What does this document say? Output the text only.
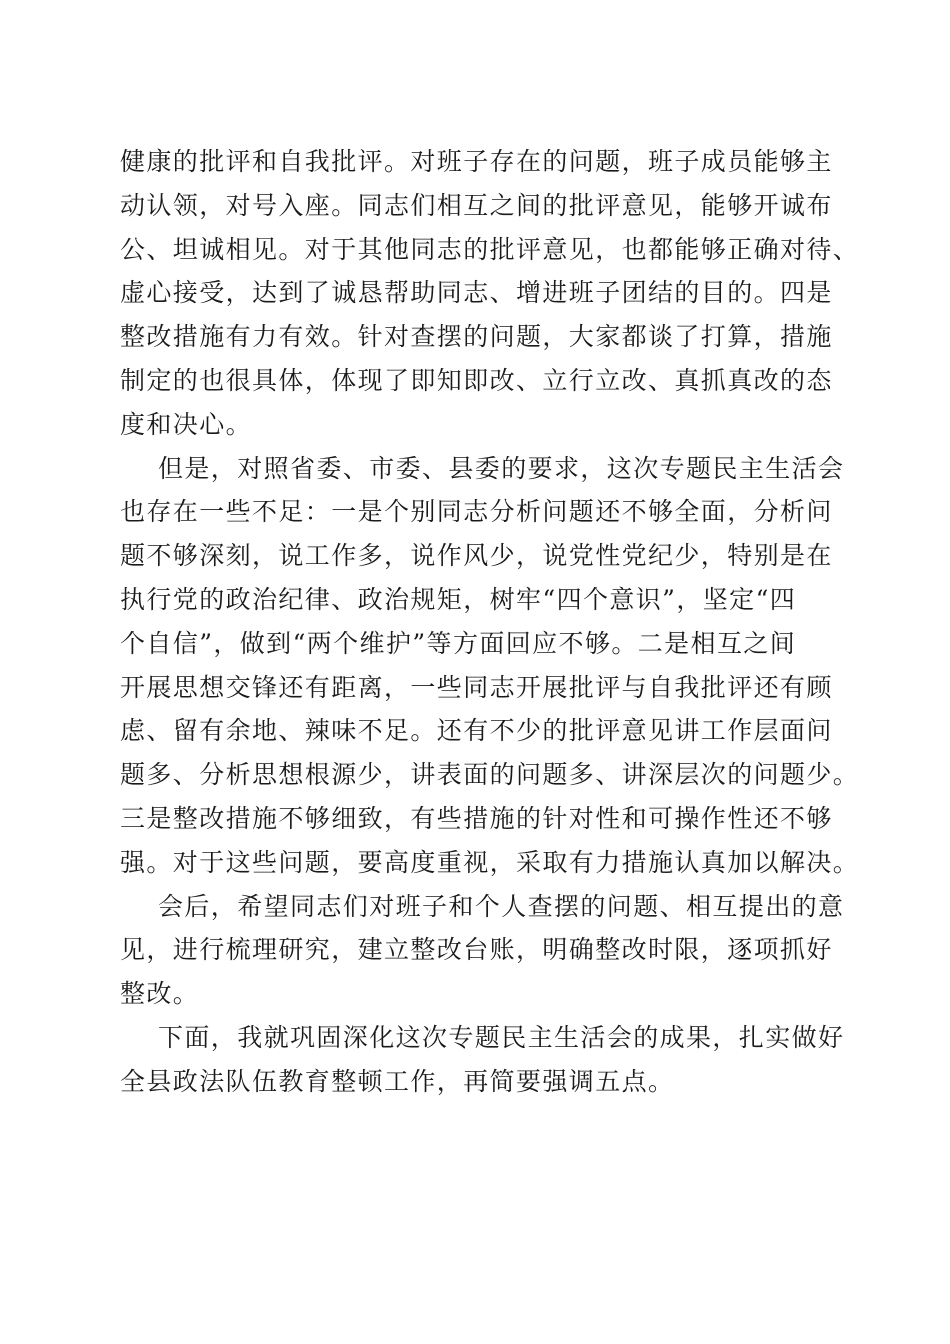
健康的批评和自我批评。对班子存在的问题，班子成员能够主
动认领，对号入座。同志们相互之间的批评意见，能够开诚布
公、坦诚相见。对于其他同志的批评意见，也都能够正确对待、
虚心接受，达到了诚恳帮助同志、增进班子团结的目的。四是
整改措施有力有效。针对查摆的问题，大家都谈了打算，措施
制定的也很具体，体现了即知即改、立行立改、真抓真改的态
度和决心。
但是，对照省委、市委、县委的要求，这次专题民主生活会
也存在一些不足：一是个别同志分析问题还不够全面，分析问
题不够深刻，说工作多，说作风少，说党性党纪少，特别是在
执行党的政治纪律、政治规矩，树牢“四个意识”，坚定“四
个自信”，做到“两个维护”等方面回应不够。二是相互之间
开展思想交锋还有距离，一些同志开展批评与自我批评还有顾
虑、留有余地、辣味不足。还有不少的批评意见讲工作层面问
题多、分析思想根源少，讲表面的问题多、讲深层次的问题少。
三是整改措施不够细致，有些措施的针对性和可操作性还不够
强。对于这些问题，要高度重视，采取有力措施认真加以解决。
会后，希望同志们对班子和个人查摆的问题、相互提出的意
见，进行梳理研究，建立整改台账，明确整改时限，逐项抓好
整改。
下面，我就巩固深化这次专题民主生活会的成果，扎实做好
全县政法队伍教育整顿工作，再简要强调五点。
